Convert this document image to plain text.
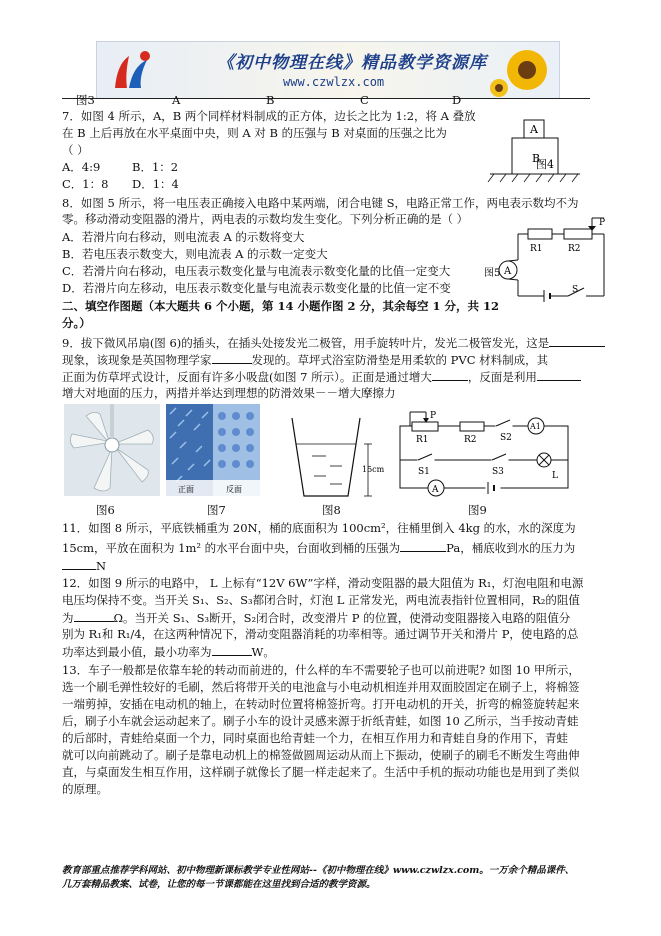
《初中物理在线》精品教学资源库
www.czwlzx.com
图3	A	B	C	D
7．如图 4 所示，A，B 两个同样材料制成的正方体，边长之比为 1:2，将 A 叠放
在 B 上后再放在水平桌面中央，则 A 对 B 的压强与 B 对桌面的压强之比为
（ ）
A．4:9	B．1：2
C．1：8 D．1：4
A
B
图4
8．如图 5 所示，将一电压表正确接入电路中某两端，闭合电键 S，电路正常工作，两电表示数均不为
零。移动滑动变阻器的滑片，两电表的示数均发生变化。下列分析正确的是（ ）
A．若滑片向右移动，则电流表 A 的示数将变大
B．若电压表示数变大，则电流表 A 的示数一定变大
C．若滑片向右移动，电压表示数变化量与电流表示数变化量的比值一定变大
D．若滑片向左移动，电压表示数变化量与电流表示数变化量的比值一定不变
P
R1	R2
A
S
图5
二、填空作图题（本大题共 6 个小题，第 14 小题作图 2 分，其余每空 1 分，共 12
分。）
9．拔下微风吊扇(图 6)的插头，在插头处接发光二极管，用手旋转叶片，发光二极管发光，这是
现象，该现象是英国物理学家	发现的。草坪式浴室防滑垫是用柔软的 PVC 材料制成，其
正面为仿草坪式设计，反面有许多小吸盘(如图 7 所示）。正面是通过增大	，反面是利用
增大对地面的压力，两措并举达到理想的防滑效果－－增大摩擦力
正面	反面
15cm
P
R1	R2	S2
A1
S1	S3	L
A
图6	图7	图8	图9
11．如图 8 所示，平底铁桶重为 20N，桶的底面积为 100cm²，往桶里倒入 4kg 的水，水的深度为
15cm，平放在面积为 1m² 的水平台面中央，台面收到桶的压强为	Pa，桶底收到水的压力为
N
12．如图 9 所示的电路中， L 上标有“12V 6W”字样，滑动变阻器的最大阻值为 R₁，灯泡电阻和电源
电压均保持不变。当开关 S₁、S₂、S₃都闭合时，灯泡 L 正常发光，两电流表指针位置相同，R₂的阻值
为	Ω。当开关 S₁、S₃断开，S₂闭合时，改变滑片 P 的位置，使滑动变阻器接入电路的阻值分
别为 R₁和 R₁/4，在这两种情况下，滑动变阻器消耗的功率相等。通过调节开关和滑片 P，使电路的总
功率达到最小值，最小功率为	W。
13．车子一般都是依靠车轮的转动而前进的，什么样的车不需要轮子也可以前进呢? 如图 10 甲所示，
选一个刷毛弹性较好的毛刷，然后将带开关的电池盒与小电动机相连并用双面胶固定在刷子上，将棉签
一端剪掉，安插在电动机的轴上，在转动时位置将棉签折弯。打开电动机的开关，折弯的棉签旋转起来
后，刷子小车就会运动起来了。刷子小车的设计灵感来源于折纸青蛙，如图 10 乙所示，当手按动青蛙
的后部时，青蛙给桌面一个力，同时桌面也给青蛙一个力，在相互作用力和青蛙自身的作用下，青蛙
就可以向前跳动了。刷子是靠电动机上的棉签做圆周运动从而上下振动，使刷子的刷毛不断发生弯曲伸
直，与桌面发生相互作用，这样刷子就像长了腿一样走起来了。生活中手机的振动功能也是用到了类似
的原理。
教育部重点推荐学科网站、初中物理新课标教学专业性网站--《初中物理在线》www.czwlzx.com。一万余个精品课件、
几万套精品教案、试卷，让您的每一节课都能在这里找到合适的教学资源。
